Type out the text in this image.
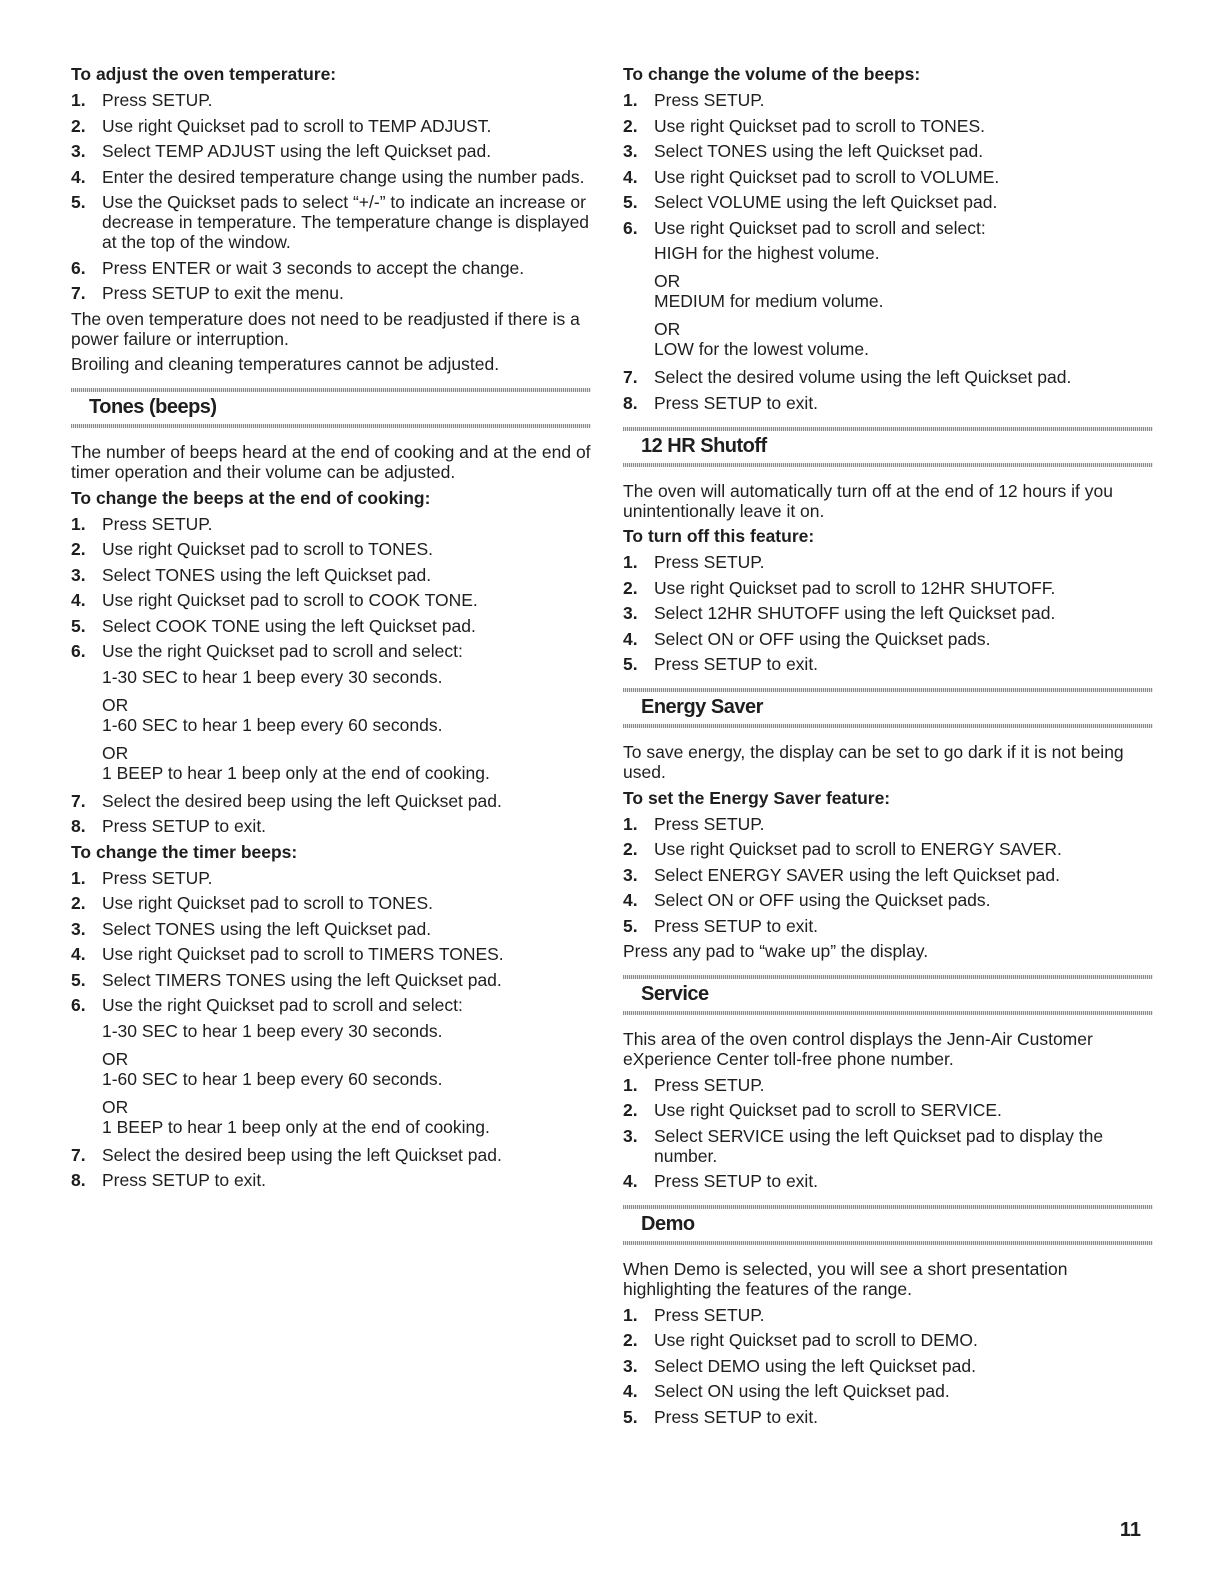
To adjust the oven temperature:
1. Press SETUP.
2. Use right Quickset pad to scroll to TEMP ADJUST.
3. Select TEMP ADJUST using the left Quickset pad.
4. Enter the desired temperature change using the number pads.
5. Use the Quickset pads to select “+/-” to indicate an increase or decrease in temperature. The temperature change is displayed at the top of the window.
6. Press ENTER or wait 3 seconds to accept the change.
7. Press SETUP to exit the menu.
The oven temperature does not need to be readjusted if there is a power failure or interruption.
Broiling and cleaning temperatures cannot be adjusted.
Tones (beeps)
The number of beeps heard at the end of cooking and at the end of timer operation and their volume can be adjusted.
To change the beeps at the end of cooking:
1. Press SETUP.
2. Use right Quickset pad to scroll to TONES.
3. Select TONES using the left Quickset pad.
4. Use right Quickset pad to scroll to COOK TONE.
5. Select COOK TONE using the left Quickset pad.
6. Use the right Quickset pad to scroll and select:
1-30 SEC to hear 1 beep every 30 seconds.
OR
1-60 SEC to hear 1 beep every 60 seconds.
OR
1 BEEP to hear 1 beep only at the end of cooking.
7. Select the desired beep using the left Quickset pad.
8. Press SETUP to exit.
To change the timer beeps:
1. Press SETUP.
2. Use right Quickset pad to scroll to TONES.
3. Select TONES using the left Quickset pad.
4. Use right Quickset pad to scroll to TIMERS TONES.
5. Select TIMERS TONES using the left Quickset pad.
6. Use the right Quickset pad to scroll and select:
1-30 SEC to hear 1 beep every 30 seconds.
OR
1-60 SEC to hear 1 beep every 60 seconds.
OR
1 BEEP to hear 1 beep only at the end of cooking.
7. Select the desired beep using the left Quickset pad.
8. Press SETUP to exit.
To change the volume of the beeps:
1. Press SETUP.
2. Use right Quickset pad to scroll to TONES.
3. Select TONES using the left Quickset pad.
4. Use right Quickset pad to scroll to VOLUME.
5. Select VOLUME using the left Quickset pad.
6. Use right Quickset pad to scroll and select:
HIGH for the highest volume.
OR
MEDIUM for medium volume.
OR
LOW for the lowest volume.
7. Select the desired volume using the left Quickset pad.
8. Press SETUP to exit.
12 HR Shutoff
The oven will automatically turn off at the end of 12 hours if you unintentionally leave it on.
To turn off this feature:
1. Press SETUP.
2. Use right Quickset pad to scroll to 12HR SHUTOFF.
3. Select 12HR SHUTOFF using the left Quickset pad.
4. Select ON or OFF using the Quickset pads.
5. Press SETUP to exit.
Energy Saver
To save energy, the display can be set to go dark if it is not being used.
To set the Energy Saver feature:
1. Press SETUP.
2. Use right Quickset pad to scroll to ENERGY SAVER.
3. Select ENERGY SAVER using the left Quickset pad.
4. Select ON or OFF using the Quickset pads.
5. Press SETUP to exit.
Press any pad to “wake up” the display.
Service
This area of the oven control displays the Jenn-Air Customer eXperience Center toll-free phone number.
1. Press SETUP.
2. Use right Quickset pad to scroll to SERVICE.
3. Select SERVICE using the left Quickset pad to display the number.
4. Press SETUP to exit.
Demo
When Demo is selected, you will see a short presentation highlighting the features of the range.
1. Press SETUP.
2. Use right Quickset pad to scroll to DEMO.
3. Select DEMO using the left Quickset pad.
4. Select ON using the left Quickset pad.
5. Press SETUP to exit.
11
